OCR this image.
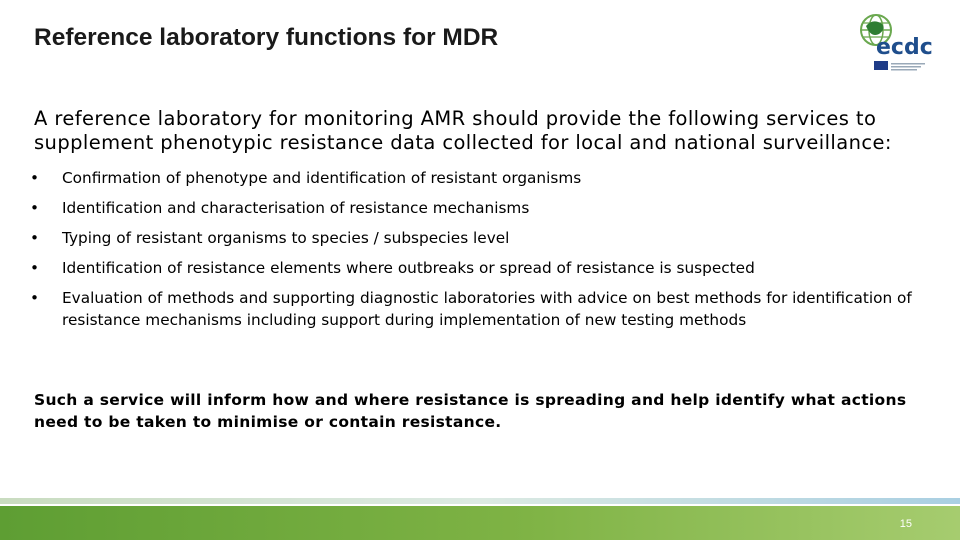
Reference laboratory functions for MDR	ecdc

A reference laboratory for monitoring AMR should provide the following services to supplement phenotypic resistance data collected for local and national surveillance:

•	Confirmation of phenotype and identification of resistant organisms
•	Identification and characterisation of resistance mechanisms
•	Typing of resistant organisms to species / subspecies level
•	Identification of resistance elements where outbreaks or spread of resistance is suspected
•	Evaluation of methods and supporting diagnostic laboratories with advice on best methods for identification of resistance mechanisms including support during implementation of new testing methods

Such a service will inform how and where resistance is spreading and help identify what actions need to be taken to minimise or contain resistance.

15
